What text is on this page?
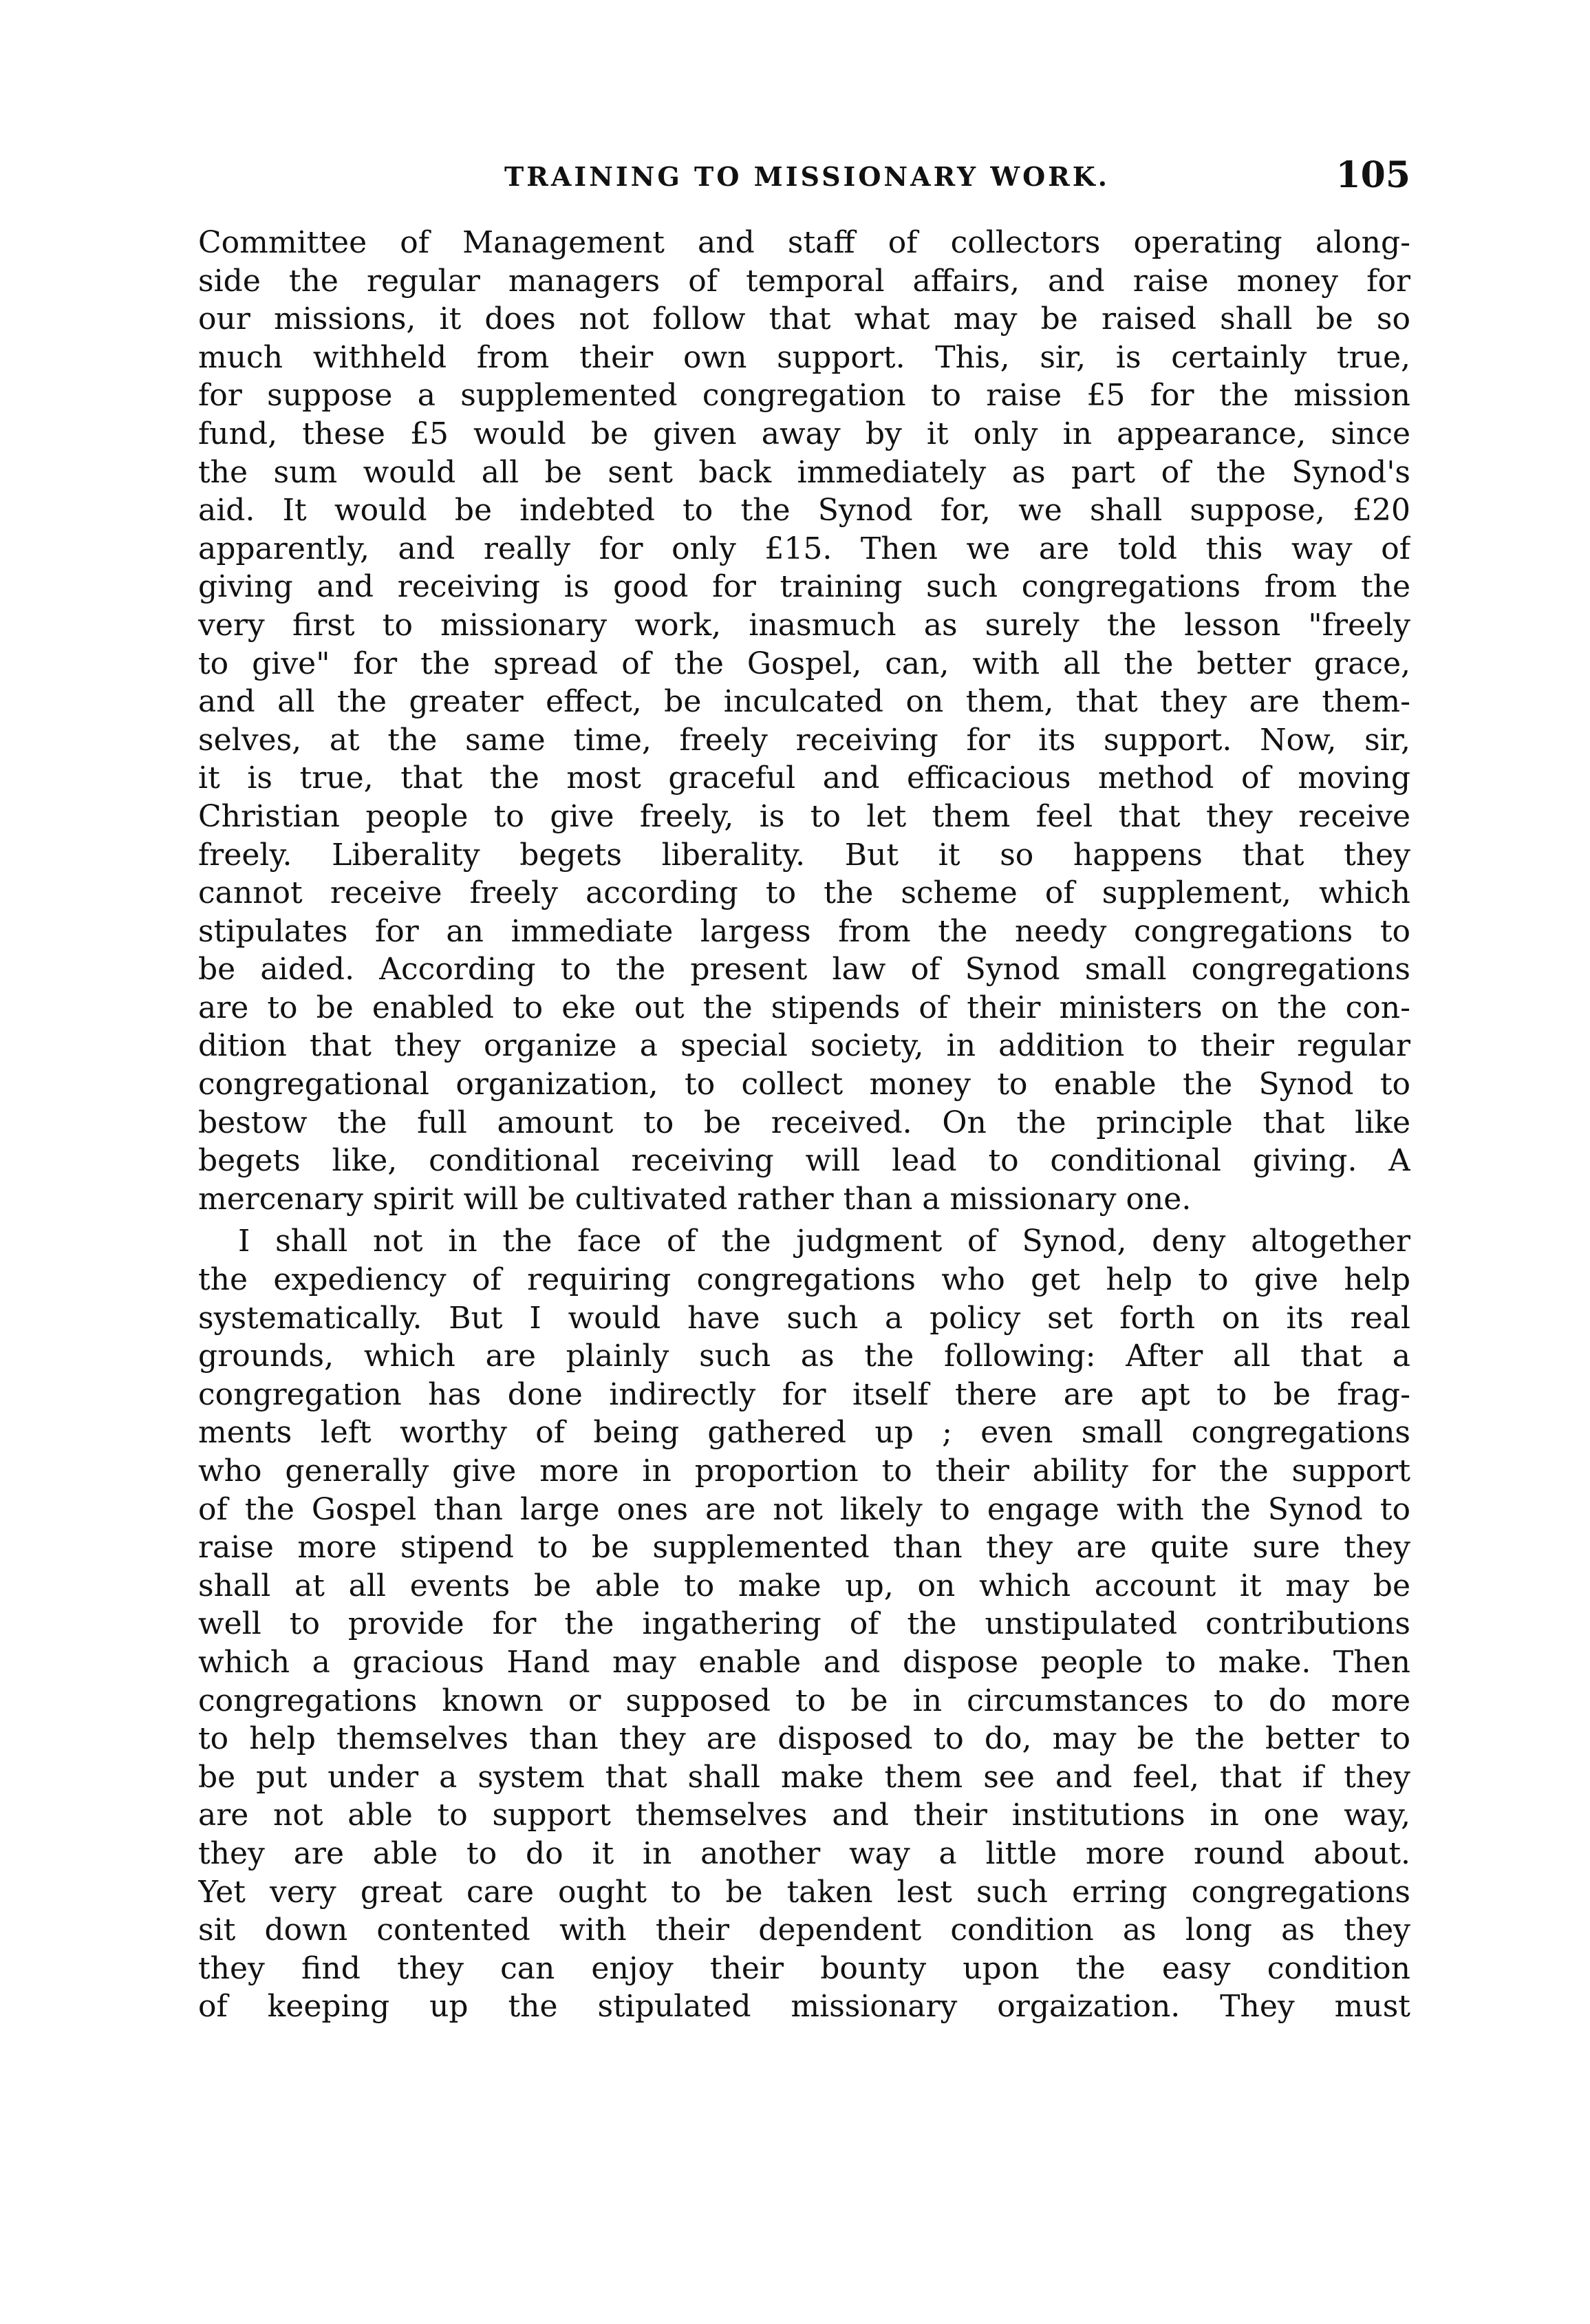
TRAINING TO MISSIONARY WORK.	105
Committee of Management and staff of collectors operating along-
side the regular managers of temporal affairs, and raise money for
our missions, it does not follow that what may be raised shall be so
much withheld from their own support. This, sir, is certainly true,
for suppose a supplemented congregation to raise £5 for the mission
fund, these £5 would be given away by it only in appearance, since
the sum would all be sent back immediately as part of the Synod's
aid. It would be indebted to the Synod for, we shall suppose, £20
apparently, and really for only £15. Then we are told this way of
giving and receiving is good for training such congregations from the
very first to missionary work, inasmuch as surely the lesson "freely
to give" for the spread of the Gospel, can, with all the better grace,
and all the greater effect, be inculcated on them, that they are them-
selves, at the same time, freely receiving for its support. Now, sir,
it is true, that the most graceful and efficacious method of moving
Christian people to give freely, is to let them feel that they receive
freely. Liberality begets liberality. But it so happens that they
cannot receive freely according to the scheme of supplement, which
stipulates for an immediate largess from the needy congregations to
be aided. According to the present law of Synod small congregations
are to be enabled to eke out the stipends of their ministers on the con-
dition that they organize a special society, in addition to their regular
congregational organization, to collect money to enable the Synod to
bestow the full amount to be received. On the principle that like
begets like, conditional receiving will lead to conditional giving. A
mercenary spirit will be cultivated rather than a missionary one.
I shall not in the face of the judgment of Synod, deny altogether
the expediency of requiring congregations who get help to give help
systematically. But I would have such a policy set forth on its real
grounds, which are plainly such as the following: After all that a
congregation has done indirectly for itself there are apt to be frag-
ments left worthy of being gathered up ; even small congregations
who generally give more in proportion to their ability for the support
of the Gospel than large ones are not likely to engage with the Synod to
raise more stipend to be supplemented than they are quite sure they
shall at all events be able to make up, on which account it may be
well to provide for the ingathering of the unstipulated contributions
which a gracious Hand may enable and dispose people to make. Then
congregations known or supposed to be in circumstances to do more
to help themselves than they are disposed to do, may be the better to
be put under a system that shall make them see and feel, that if they
are not able to support themselves and their institutions in one way,
they are able to do it in another way a little more round about.
Yet very great care ought to be taken lest such erring congregations
sit down contented with their dependent condition as long as they
they find they can enjoy their bounty upon the easy condition
of keeping up the stipulated missionary orgaization. They must
